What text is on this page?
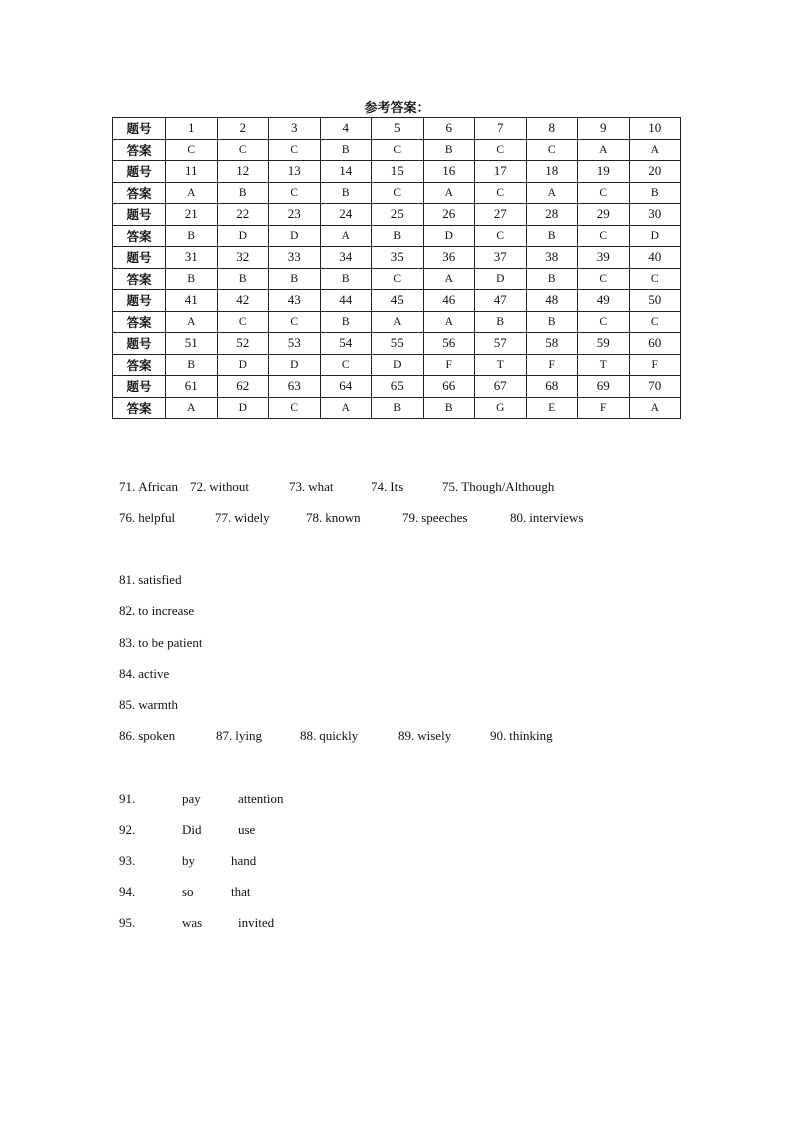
参考答案：
题号	1	2	3	4	5	6	7	8	9	10
答案	C	C	C	B	C	B	C	C	A	A
题号	11	12	13	14	15	16	17	18	19	20
答案	A	B	C	B	C	A	C	A	C	B
题号	21	22	23	24	25	26	27	28	29	30
答案	B	D	D	A	B	D	C	B	C	D
题号	31	32	33	34	35	36	37	38	39	40
答案	B	B	B	B	C	A	D	B	C	C
题号	41	42	43	44	45	46	47	48	49	50
答案	A	C	C	B	A	A	B	B	C	C
题号	51	52	53	54	55	56	57	58	59	60
答案	B	D	D	C	D	F	T	F	T	F
题号	61	62	63	64	65	66	67	68	69	70
答案	A	D	C	A	B	B	G	E	F	A
71. African 72. without	73. what	74. Its	75. Though/Although
76. helpful	77. widely	78. known	79. speeches	80. interviews
81. satisfied
82. to increase
83. to be patient
84. active
85. warmth
86. spoken	87. lying	88. quickly	89. wisely	90. thinking
91.	pay	attention
92.	Did	use
93.	by	hand
94.	so	that
95.	was	invited
